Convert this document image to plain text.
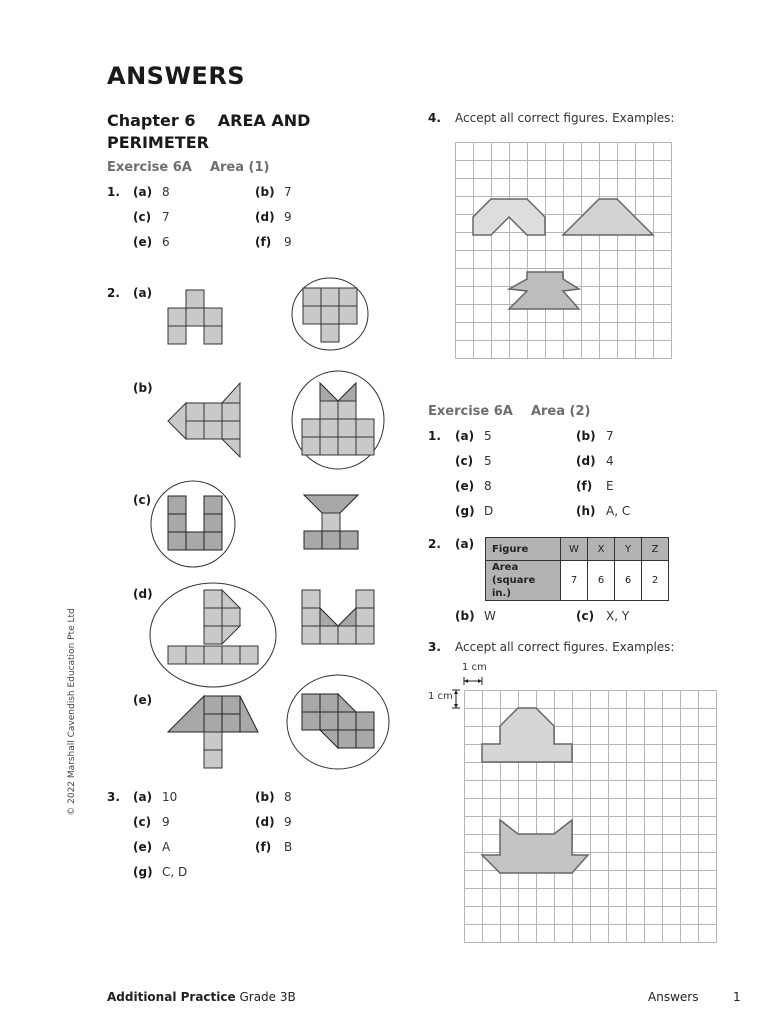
ANSWERS
Chapter 6    AREA AND
PERIMETER
Exercise 6A    Area (1)
1. (a) 8	(b) 7
(c) 7	(d) 9
(e) 6	(f) 9
2. (a)
(b)
(c)
(d)
(e)
3. (a) 10	(b) 8
(c) 9	(d) 9
(e) A	(f) B
(g) C, D
4. Accept all correct figures. Examples:
Exercise 6A    Area (2)
1. (a) 5	(b) 7
(c) 5	(d) 4
(e) 8	(f) E
(g) D	(h) A, C
2. (a) Figure	W	X	Y	Z

Area
(square in.)	7	6	6	2
(b) W	(c) X, Y
3. Accept all correct figures. Examples:
1 cm
1 cm
© 2022 Marshall Cavendish Education Pte Ltd
Additional Practice Grade 3B	Answers	1
